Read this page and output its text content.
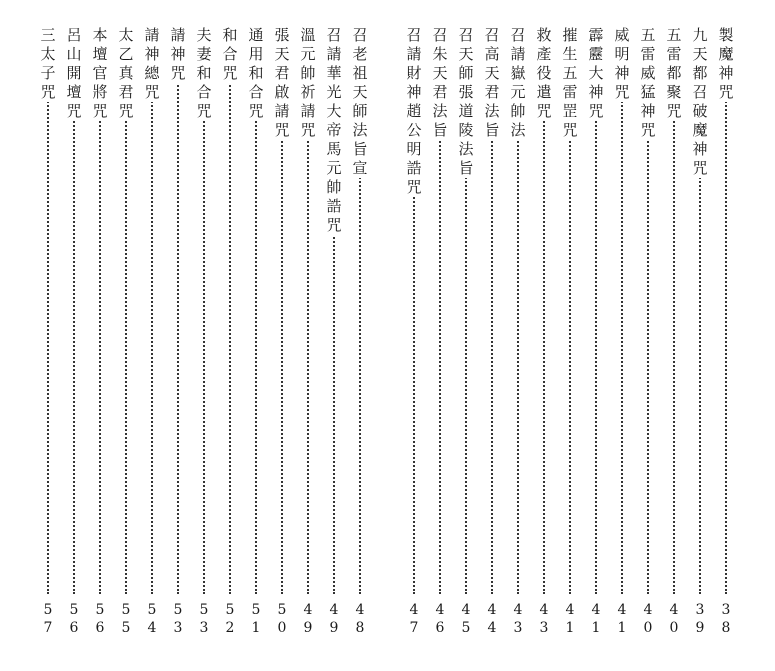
製
魔
神
咒
3
8
九
天
都
召
破
魔
神
咒
3
9
五
雷
都
聚
咒
4
0
五
雷
威
猛
神
咒
4
0
威
明
神
咒
4
1
霹
靂
大
神
咒
4
1
摧
生
五
雷
罡
咒
4
1
救
產
役
遣
咒
4
3
召
請
嶽
元
帥
法
4
3
召
高
天
君
法
旨
4
4
召
天
師
張
道
陵
法
旨
4
5
召
朱
天
君
法
旨
4
6
召
請
財
神
趙
公
明
誥
咒
4
7
召
老
祖
天
師
法
旨
宣
4
8
召
請
華
光
大
帝
馬
元
帥
誥
咒
4
9
溫
元
帥
祈
請
咒
4
9
張
天
君
啟
請
咒
5
0
通
用
和
合
咒
5
1
和
合
咒
5
2
夫
妻
和
合
咒
5
3
請
神
咒
5
3
請
神
總
咒
5
4
太
乙
真
君
咒
5
5
本
壇
官
將
咒
5
6
呂
山
開
壇
咒
5
6
三
太
子
咒
5
7
